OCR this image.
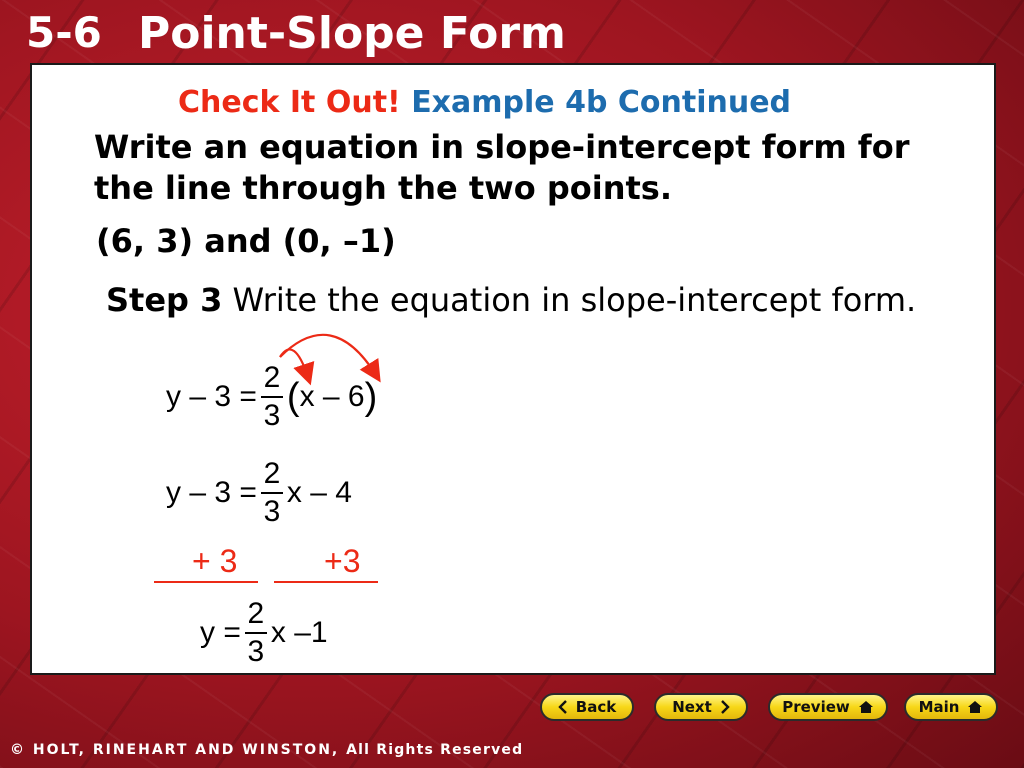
5-6 Point-Slope Form
Check It Out! Example 4b Continued
Write an equation in slope-intercept form for the line through the two points.
(6, 3) and (0, –1)
Step 3 Write the equation in slope-intercept form.
$y - 3 = \frac{2}{3}$ ( x – 6 )
$y - 3 = \frac{2}{3}$ x – 4
+ 3	+3
$y = \frac{2}{3}$ x –1
Back	Next	Preview	Main
© HOLT, RINEHART AND WINSTON, All Rights Reserved
